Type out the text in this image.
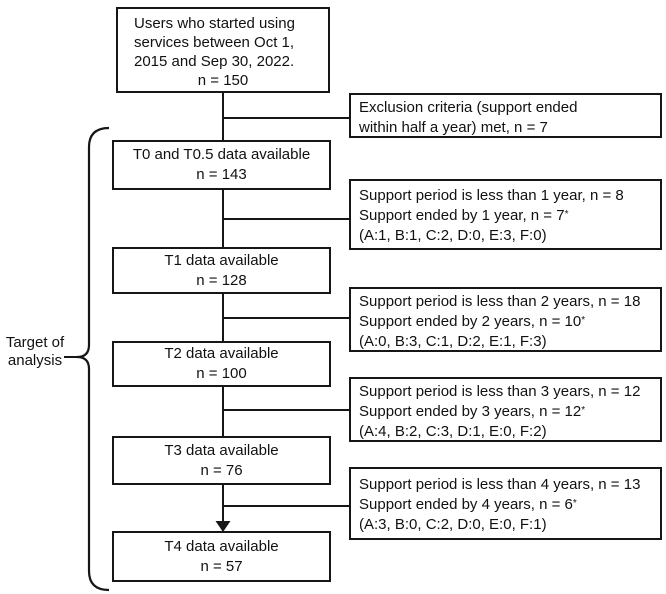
Users who started using
services between Oct 1,
2015 and Sep 30, 2022.
n = 150
Exclusion criteria (support ended
within half a year) met, n = 7
T0 and T0.5 data available
n = 143
Support period is less than 1 year, n = 8
Support ended by 1 year, n = 7*
(A:1, B:1, C:2, D:0, E:3, F:0)
T1 data available
n = 128
Support period is less than 2 years, n = 18
Support ended by 2 years, n = 10*
(A:0, B:3, C:1, D:2, E:1, F:3)
T2 data available
n = 100
Support period is less than 3 years, n = 12
Support ended by 3 years, n = 12*
(A:4, B:2, C:3, D:1, E:0, F:2)
T3 data available
n = 76
Support period is less than 4 years, n = 13
Support ended by 4 years, n = 6*
(A:3, B:0, C:2, D:0, E:0, F:1)
T4 data available
n = 57
Target of
analysis
